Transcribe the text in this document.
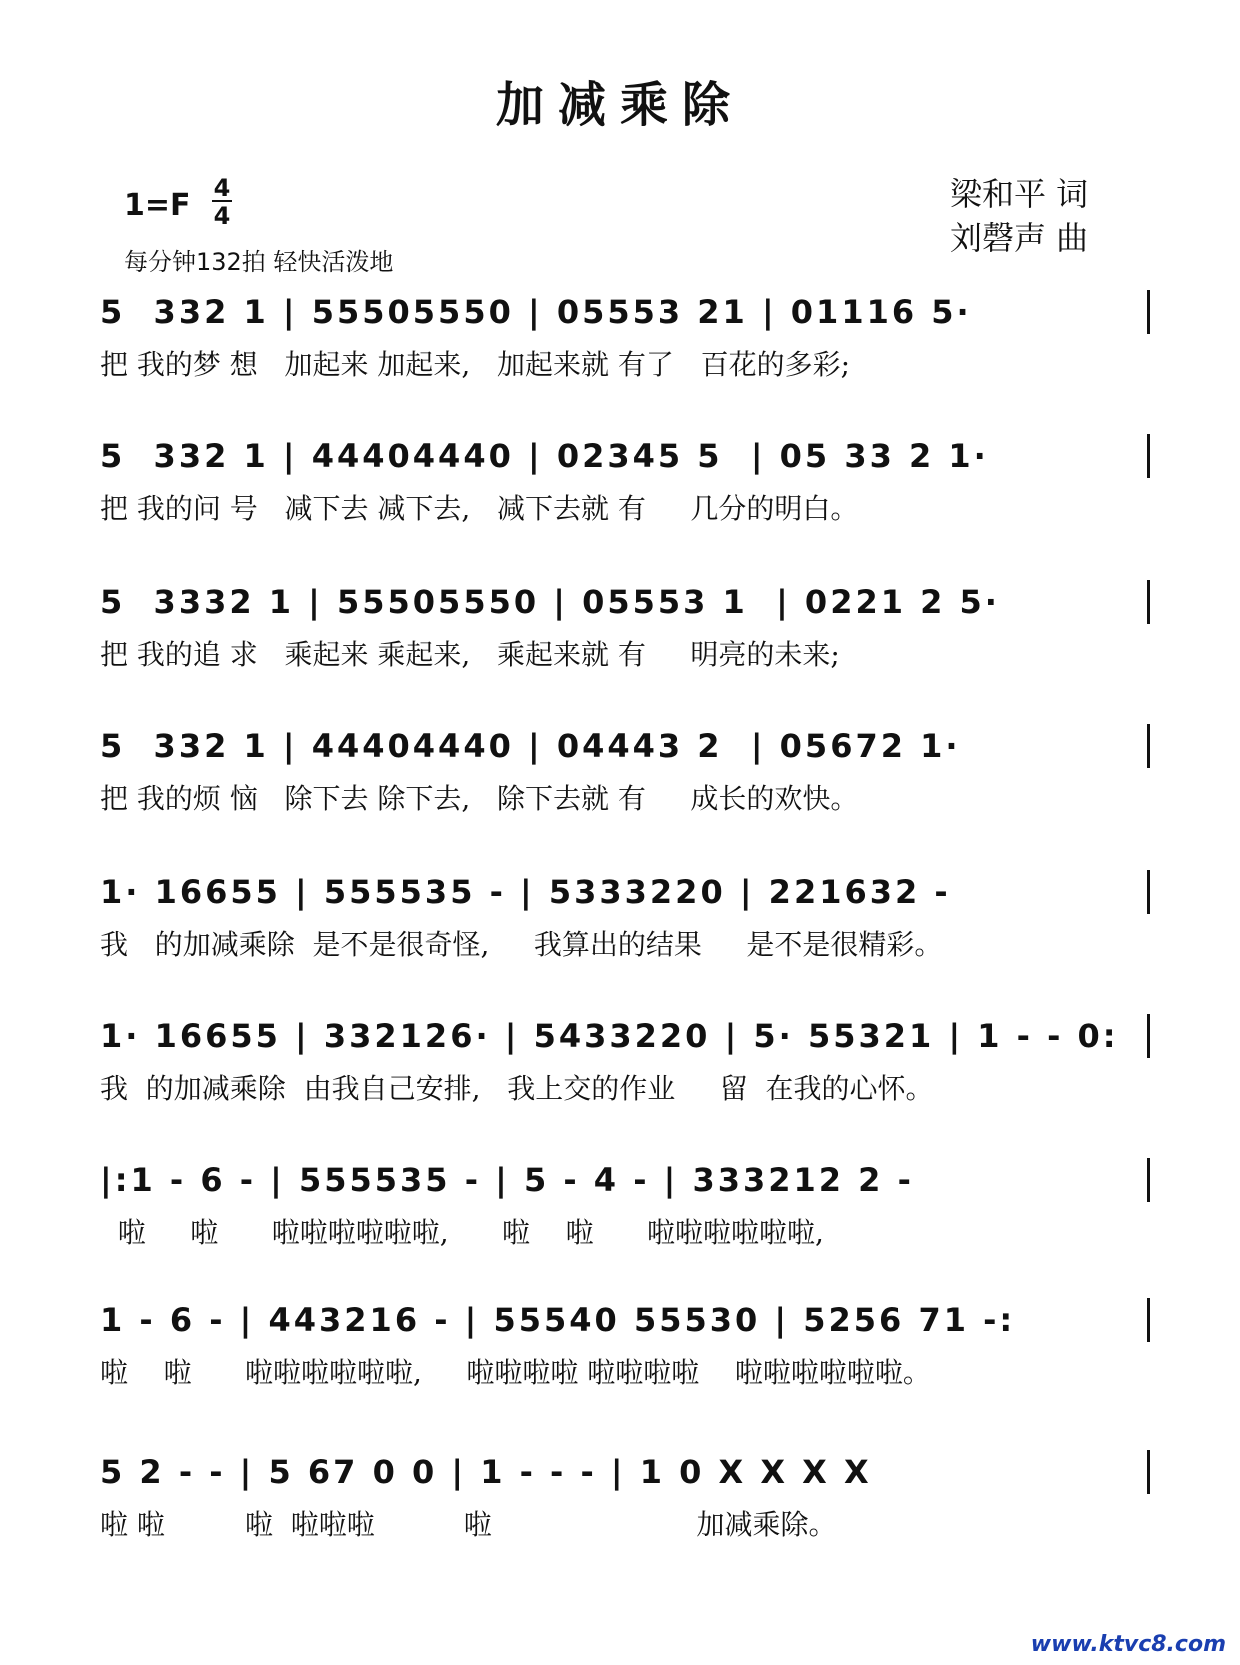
加减乘除
梁和平 词
刘磬声 曲
1=F 4
4
每分钟132拍 轻快活泼地
5  332 1 | 55505550 | 05553 21 | 01116 5·
把 我的梦 想   加起来 加起来,   加起来就 有了   百花的多彩;
5  332 1 | 44404440 | 02345 5  | 05 33 2 1·
把 我的问 号   减下去 减下去,   减下去就 有     几分的明白。
5  3332 1 | 55505550 | 05553 1  | 0221 2 5·
把 我的追 求   乘起来 乘起来,   乘起来就 有     明亮的未来;
5  332 1 | 44404440 | 04443 2  | 05672 1·
把 我的烦 恼   除下去 除下去,   除下去就 有     成长的欢快。
1· 16655 | 555535 - | 5333220 | 221632 -
我   的加减乘除  是不是很奇怪,     我算出的结果     是不是很精彩。
1· 16655 | 332126· | 5433220 | 5· 55321 | 1 - - 0:
我  的加减乘除  由我自己安排,   我上交的作业     留  在我的心怀。
|:1 - 6 - | 555535 - | 5 - 4 - | 333212 2 -
啦     啦      啦啦啦啦啦啦,      啦    啦      啦啦啦啦啦啦,
1 - 6 - | 443216 - | 55540 55530 | 5256 71 -:
啦    啦      啦啦啦啦啦啦,     啦啦啦啦 啦啦啦啦    啦啦啦啦啦啦。
5 2 - - | 5 67 0 0 | 1 - - - | 1 0 X X X X
啦 啦         啦  啦啦啦          啦                       加减乘除。
www.ktvc8.com
